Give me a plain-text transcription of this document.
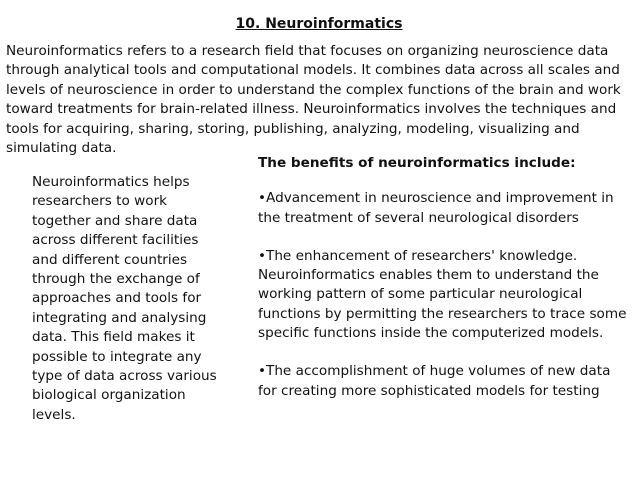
10. Neuroinformatics

Neuroinformatics refers to a research field that focuses on organizing neuroscience data through analytical tools and computational models. It combines data across all scales and levels of neuroscience in order to understand the complex functions of the brain and work toward treatments for brain-related illness. Neuroinformatics involves the techniques and tools for acquiring, sharing, storing, publishing, analyzing, modeling, visualizing and simulating data.

Neuroinformatics helps researchers to work together and share data across different facilities and different countries through the exchange of approaches and tools for integrating and analysing data. This field makes it possible to integrate any type of data across various biological organization levels.

The benefits of neuroinformatics include:

•Advancement in neuroscience and improvement in the treatment of several neurological disorders

•The enhancement of researchers' knowledge. Neuroinformatics enables them to understand the working pattern of some particular neurological functions by permitting the researchers to trace some specific functions inside the computerized models.

•The accomplishment of huge volumes of new data for creating more sophisticated models for testing
